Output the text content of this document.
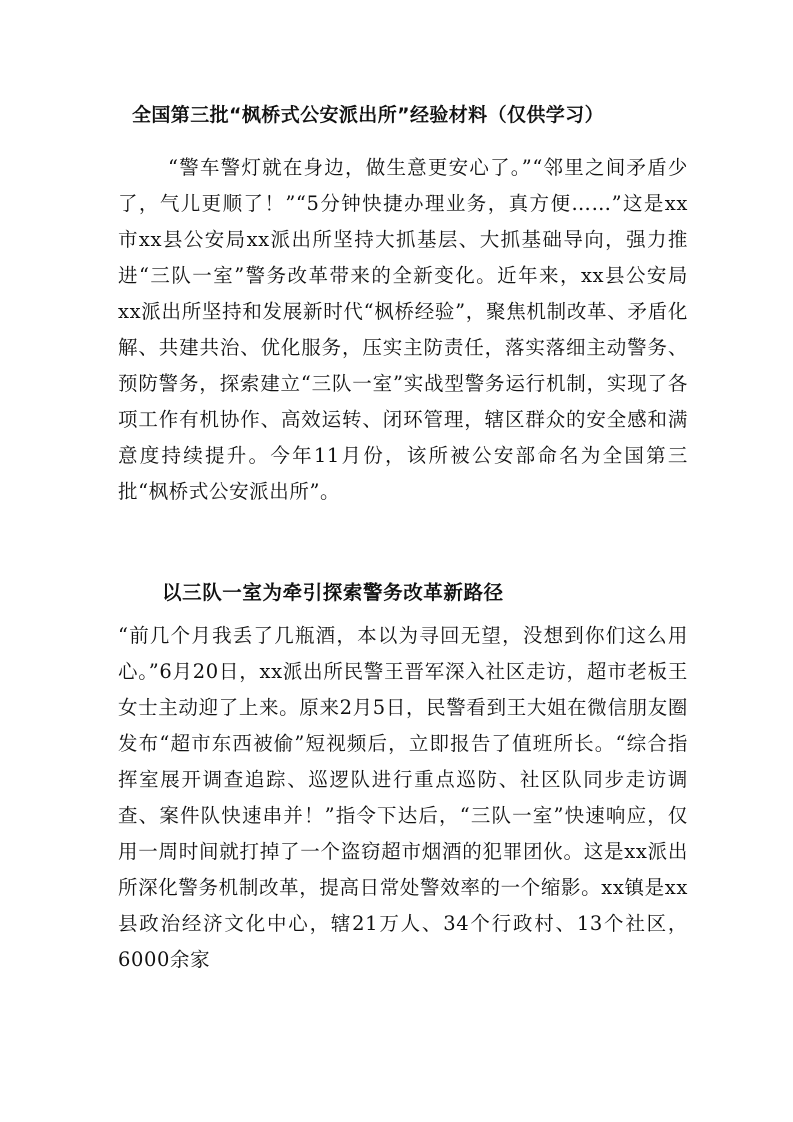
全国第三批“枫桥式公安派出所”经验材料（仅供学习）

“警车警灯就在身边，做生意更安心了。”“邻里之间矛盾少了，气儿更顺了！”“5分钟快捷办理业务，真方便……”这是xx市xx县公安局xx派出所坚持大抓基层、大抓基础导向，强力推进“三队一室”警务改革带来的全新变化。近年来，xx县公安局xx派出所坚持和发展新时代“枫桥经验”，聚焦机制改革、矛盾化解、共建共治、优化服务，压实主防责任，落实落细主动警务、预防警务，探索建立“三队一室”实战型警务运行机制，实现了各项工作有机协作、高效运转、闭环管理，辖区群众的安全感和满意度持续提升。今年11月份，该所被公安部命名为全国第三批“枫桥式公安派出所”。

以三队一室为牵引探索警务改革新路径

“前几个月我丢了几瓶酒，本以为寻回无望，没想到你们这么用心。”6月20日，xx派出所民警王晋军深入社区走访，超市老板王女士主动迎了上来。原来2月5日，民警看到王大姐在微信朋友圈发布“超市东西被偷”短视频后，立即报告了值班所长。“综合指挥室展开调查追踪、巡逻队进行重点巡防、社区队同步走访调查、案件队快速串并！”指令下达后，“三队一室”快速响应，仅用一周时间就打掉了一个盗窃超市烟酒的犯罪团伙。这是xx派出所深化警务机制改革，提高日常处警效率的一个缩影。xx镇是xx县政治经济文化中心，辖21万人、34个行政村、13个社区，6000余家
